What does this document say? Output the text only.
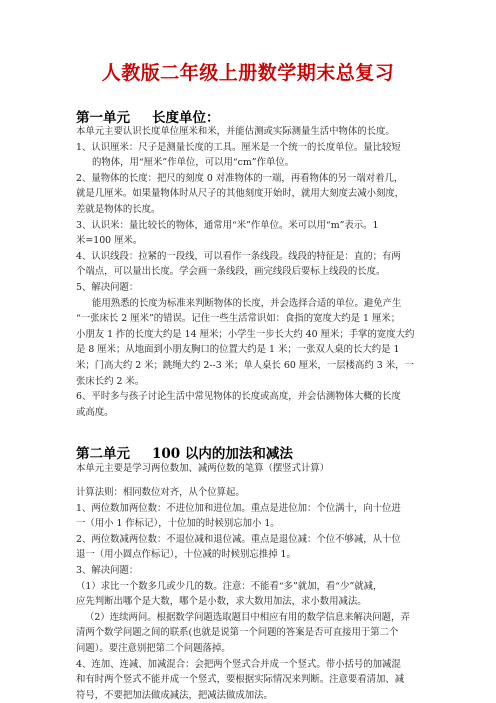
人教版二年级上册数学期末总复习
第一单元 长度单位：
本单元主要认识长度单位厘米和米，并能估测或实际测量生活中物体的长度。
1、认识厘米：尺子是测量长度的工具。厘米是一个统一的长度单位。量比较短
的物体，用“厘米”作单位，可以用“cm”作单位。
2、量物体的长度：把尺的刻度 0 对准物体的一端，再看物体的另一端对着几，
就是几厘米。如果量物体时从尺子的其他刻度开始时，就用大刻度去减小刻度，
差就是物体的长度。
3、认识米：量比较长的物体，通常用“米”作单位。米可以用“m”表示。1
米=100 厘米。
4、认识线段：拉紧的一段线，可以看作一条线段。线段的特征是：直的；有两
个端点，可以量出长度。学会画一条线段，画完线段后要标上线段的长度。
5、解决问题：
能用熟悉的长度为标准来判断物体的长度，并会选择合适的单位。避免产生
“一张床长 2 厘米”的错误。记住一些生活常识如：食指的宽度大约是 1 厘米；
小朋友 1 拃的长度大约是 14 厘米；小学生一步长大约 40 厘米；手掌的宽度大约
是 8 厘米；从地面到小朋友胸口的位置大约是 1 米；一张双人桌的长大约是 1
米；门高大约 2 米；跳绳大约 2--3 米；单人桌长 60 厘米，一层楼高约 3 米，一
张床长约 2 米。
6、平时多与孩子讨论生活中常见物体的长度或高度，并会估测物体大概的长度
或高度。
第二单元 100 以内的加法和减法
本单元主要是学习两位数加、减两位数的笔算（摆竖式计算）
计算法则：相同数位对齐，从个位算起。
1、两位数加两位数：不进位加和进位加。重点是进位加：个位满十，向十位进
一（用小 1 作标记），十位加的时候别忘加小 1。
2、两位数减两位数：不退位减和退位减。重点是退位减：个位不够减，从十位
退一（用小圆点作标记），十位减的时候别忘推掉 1。
3、解决问题：
（1）求比一个数多几或少几的数。注意：不能看“多”就加，看“少”就减，
应先判断出哪个是大数，哪个是小数，求大数用加法，求小数用减法。
（2）连续两问。根据数学问题选取题目中相应有用的数学信息来解决问题，弄
清两个数学问题之间的联系(也就是说第一个问题的答案是否可直接用于第二个
问题）。要注意别把第二个问题落掉。
4、连加、连减、加减混合：会把两个竖式合并成一个竖式。带小括号的加减混
和有时两个竖式不能并成一个竖式，要根据实际情况来判断。注意要看清加、减
符号，不要把加法做成减法，把减法做成加法。
